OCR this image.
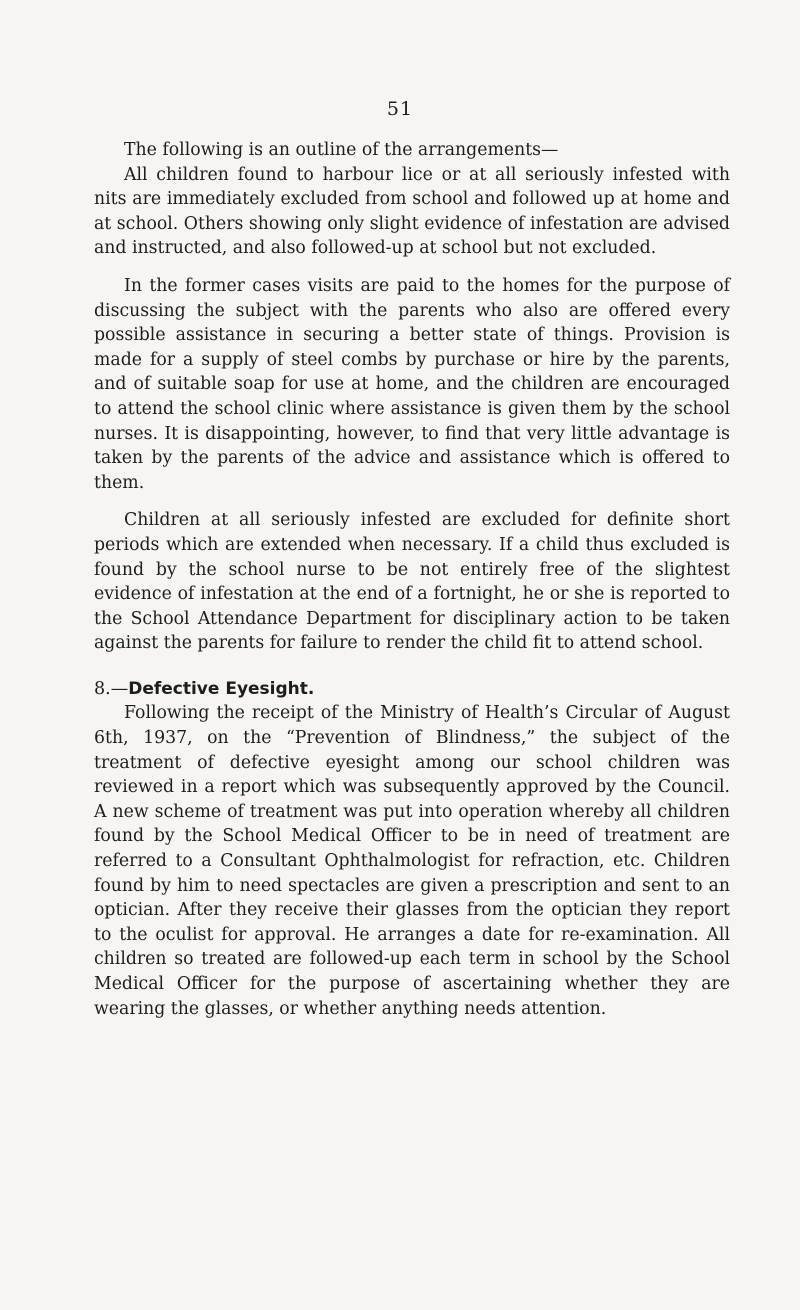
51

The following is an outline of the arrangements—

All children found to harbour lice or at all seriously infested with nits are immediately excluded from school and followed up at home and at school. Others showing only slight evidence of infestation are advised and instructed, and also followed-up at school but not excluded.

In the former cases visits are paid to the homes for the purpose of discussing the subject with the parents who also are offered every possible assistance in securing a better state of things. Provision is made for a supply of steel combs by purchase or hire by the parents, and of suitable soap for use at home, and the children are encouraged to attend the school clinic where assistance is given them by the school nurses. It is disappointing, however, to find that very little advantage is taken by the parents of the advice and assistance which is offered to them.

Children at all seriously infested are excluded for definite short periods which are extended when necessary. If a child thus excluded is found by the school nurse to be not entirely free of the slightest evidence of infestation at the end of a fortnight, he or she is reported to the School Attendance Department for disciplinary action to be taken against the parents for failure to render the child fit to attend school.

8.—Defective Eyesight.

Following the receipt of the Ministry of Health’s Circular of August 6th, 1937, on the “Prevention of Blindness,” the subject of the treatment of defective eyesight among our school children was reviewed in a report which was subsequently approved by the Council. A new scheme of treatment was put into operation whereby all children found by the School Medical Officer to be in need of treatment are referred to a Consultant Ophthalmologist for refraction, etc. Children found by him to need spectacles are given a prescription and sent to an optician. After they receive their glasses from the optician they report to the oculist for approval. He arranges a date for re-examination. All children so treated are followed-up each term in school by the School Medical Officer for the purpose of ascertaining whether they are wearing the glasses, or whether anything needs attention.
